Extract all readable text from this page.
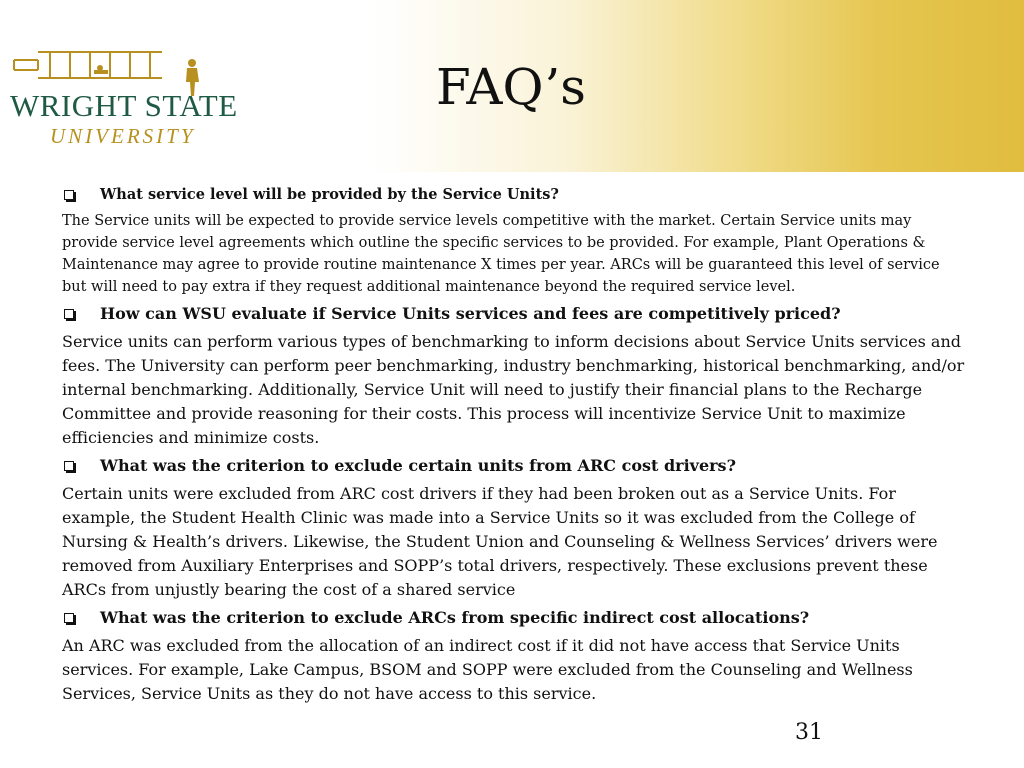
WRIGHT STATE
UNIVERSITY
FAQ’s
What service level will be provided by the Service Units?
The Service units will be expected to provide service levels competitive with the market. Certain Service units may provide service level agreements which outline the specific services to be provided. For example, Plant Operations & Maintenance may agree to provide routine maintenance X times per year. ARCs will be guaranteed this level of service but will need to pay extra if they request additional maintenance beyond the required service level.
How can WSU evaluate if Service Units services and fees are competitively priced?
Service units can perform various types of benchmarking to inform decisions about Service Units services and fees. The University can perform peer benchmarking, industry benchmarking, historical benchmarking, and/or internal benchmarking. Additionally, Service Unit will need to justify their financial plans to the Recharge Committee and provide reasoning for their costs. This process will incentivize Service Unit to maximize efficiencies and minimize costs.
What was the criterion to exclude certain units from ARC cost drivers?
Certain units were excluded from ARC cost drivers if they had been broken out as a Service Units. For example, the Student Health Clinic was made into a Service Units so it was excluded from the College of Nursing & Health’s drivers. Likewise, the Student Union and Counseling & Wellness Services’ drivers were removed from Auxiliary Enterprises and SOPP’s total drivers, respectively. These exclusions prevent these ARCs from unjustly bearing the cost of a shared service
What was the criterion to exclude ARCs from specific indirect cost allocations?
An ARC was excluded from the allocation of an indirect cost if it did not have access that Service Units services. For example, Lake Campus, BSOM and SOPP were excluded from the Counseling and Wellness Services, Service Units as they do not have access to this service.
31
